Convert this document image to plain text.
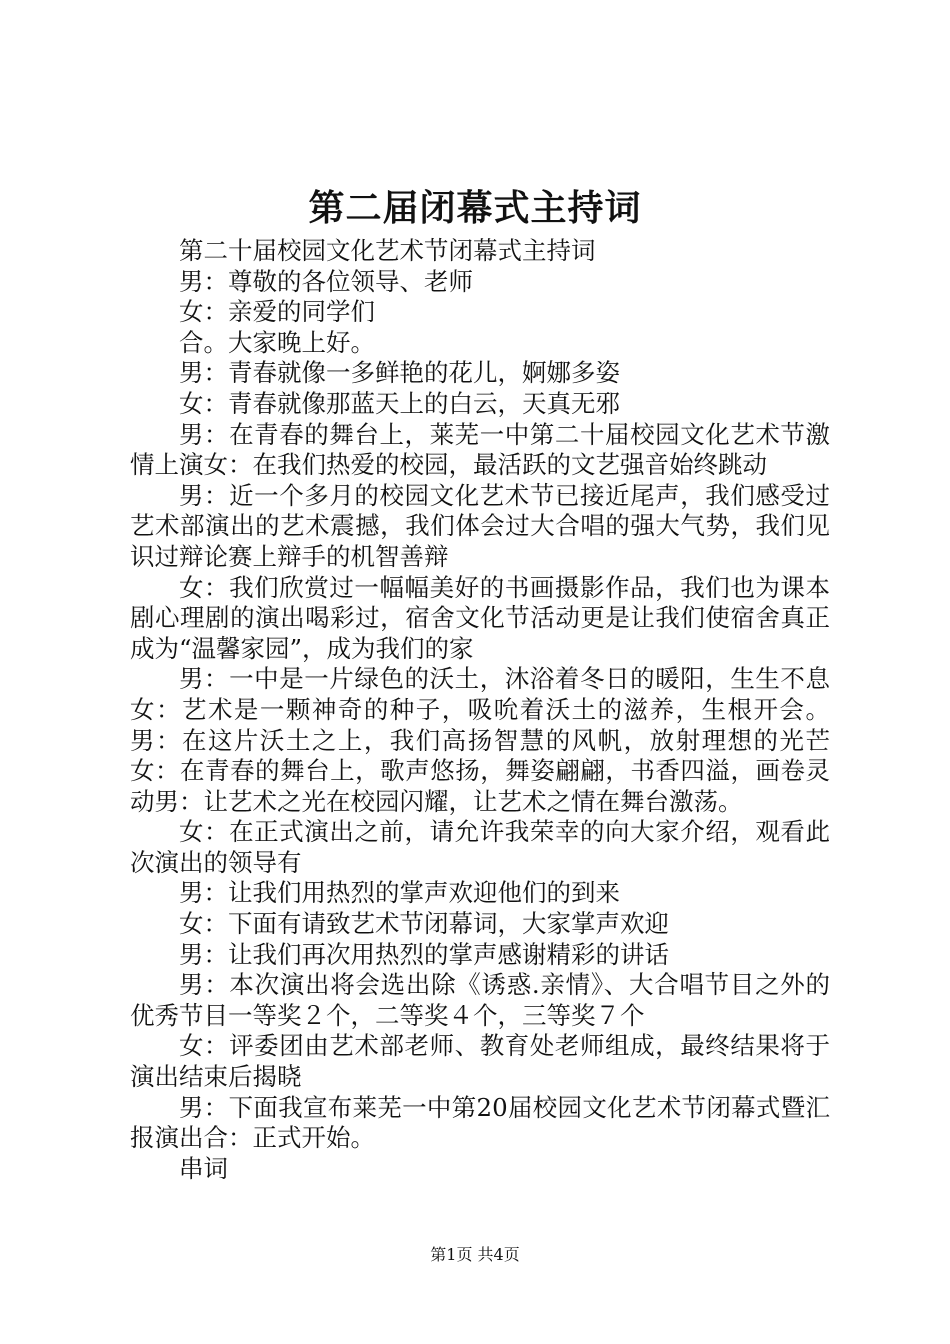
第二届闭幕式主持词

第二十届校园文化艺术节闭幕式主持词

男：尊敬的各位领导、老师

女：亲爱的同学们

合。大家晚上好。

男：青春就像一多鲜艳的花儿，婀娜多姿

女：青春就像那蓝天上的白云，天真无邪

男：在青春的舞台上，莱芜一中第二十届校园文化艺术节激情上演女：在我们热爱的校园，最活跃的文艺强音始终跳动

男：近一个多月的校园文化艺术节已接近尾声，我们感受过艺术部演出的艺术震撼，我们体会过大合唱的强大气势，我们见识过辩论赛上辩手的机智善辩

女：我们欣赏过一幅幅美好的书画摄影作品，我们也为课本剧心理剧的演出喝彩过，宿舍文化节活动更是让我们使宿舍真正成为“温馨家园”，成为我们的家

男：一中是一片绿色的沃土，沐浴着冬日的暖阳，生生不息女：艺术是一颗神奇的种子，吸吮着沃土的滋养，生根开会。男：在这片沃土之上，我们高扬智慧的风帆，放射理想的光芒女：在青春的舞台上，歌声悠扬，舞姿翩翩，书香四溢，画卷灵动男：让艺术之光在校园闪耀，让艺术之情在舞台激荡。

女：在正式演出之前，请允许我荣幸的向大家介绍，观看此次演出的领导有

男：让我们用热烈的掌声欢迎他们的到来

女：下面有请致艺术节闭幕词，大家掌声欢迎

男：让我们再次用热烈的掌声感谢精彩的讲话

男：本次演出将会选出除《诱惑.亲情》、大合唱节目之外的优秀节目一等奖２个，二等奖４个，三等奖７个

女：评委团由艺术部老师、教育处老师组成，最终结果将于演出结束后揭晓

男：下面我宣布莱芜一中第20届校园文化艺术节闭幕式暨汇报演出合：正式开始。

串词

第1页 共4页
